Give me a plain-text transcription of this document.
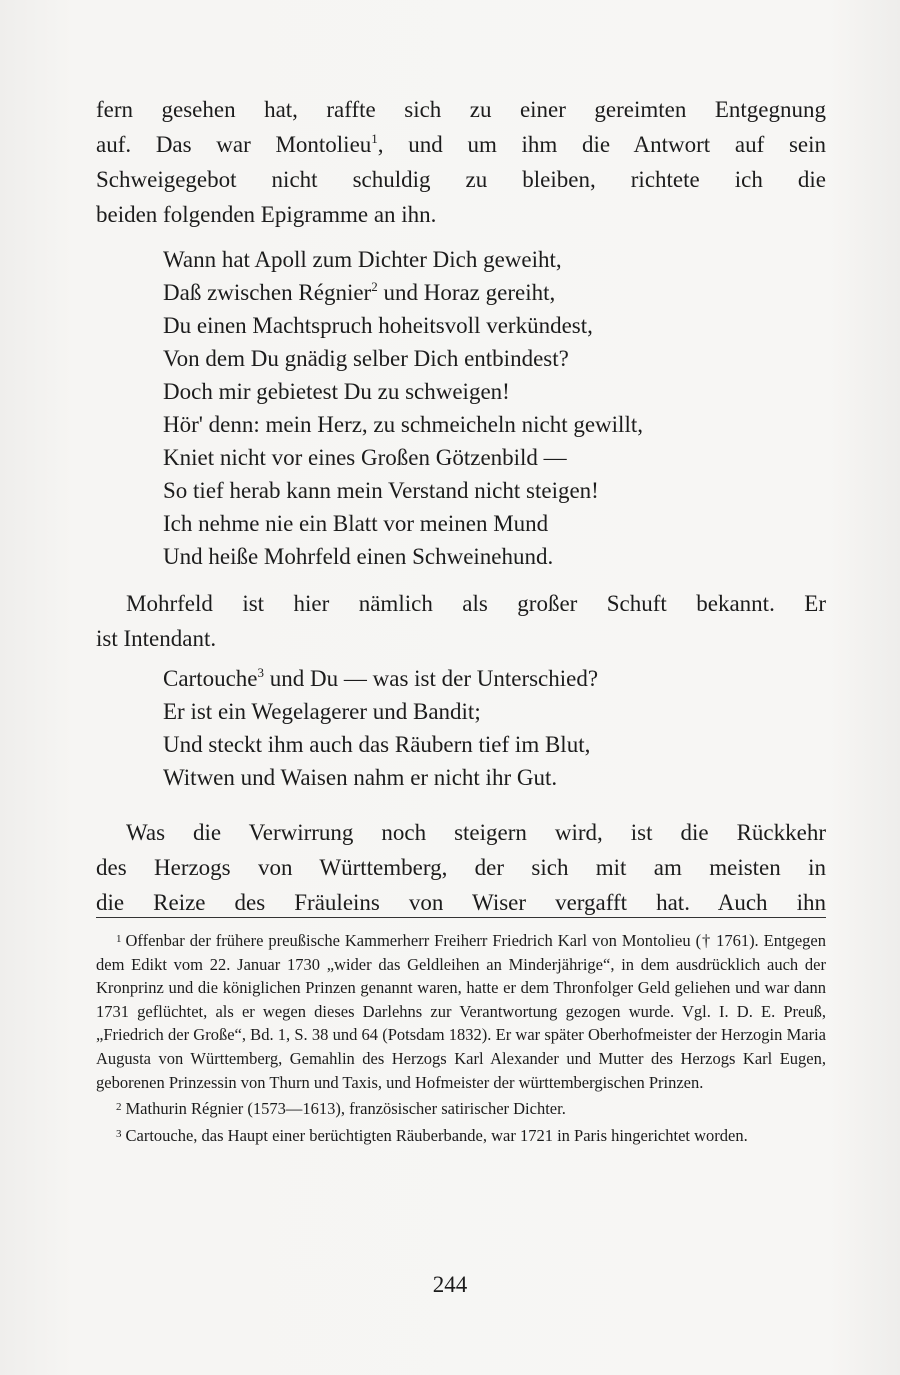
fern gesehen hat, raffte sich zu einer gereimten Entgegnung
auf. Das war Montolieu$^1$, und um ihm die Antwort auf sein
Schweigegebot nicht schuldig zu bleiben, richtete ich die
beiden folgenden Epigramme an ihn.
Wann hat Apoll zum Dichter Dich geweiht,
Daß zwischen Régnier$^2$ und Horaz gereiht,
Du einen Machtspruch hoheitsvoll verkündest,
Von dem Du gnädig selber Dich entbindest?
Doch mir gebietest Du zu schweigen!
Hör' denn: mein Herz, zu schmeicheln nicht gewillt,
Kniet nicht vor eines Großen Götzenbild —
So tief herab kann mein Verstand nicht steigen!
Ich nehme nie ein Blatt vor meinen Mund
Und heiße Mohrfeld einen Schweinehund.
Mohrfeld ist hier nämlich als großer Schuft bekannt. Er
ist Intendant.
Cartouche$^3$ und Du — was ist der Unterschied?
Er ist ein Wegelagerer und Bandit;
Und steckt ihm auch das Räubern tief im Blut,
Witwen und Waisen nahm er nicht ihr Gut.
Was die Verwirrung noch steigern wird, ist die Rückkehr
des Herzogs von Württemberg, der sich mit am meisten in
die Reize des Fräuleins von Wiser vergafft hat. Auch ihn

$^1$ Offenbar der frühere preußische Kammerherr Freiherr Friedrich Karl von Montolieu († 1761). Entgegen dem Edikt vom 22. Januar 1730 „wider das Geldleihen an Minderjährige“, in dem ausdrücklich auch der Kronprinz und die königlichen Prinzen genannt waren, hatte er dem Thronfolger Geld geliehen und war dann 1731 geflüchtet, als er wegen dieses Darlehns zur Verantwortung gezogen wurde. Vgl. I. D. E. Preuß, „Friedrich der Große“, Bd. 1, S. 38 und 64 (Potsdam 1832). Er war später Oberhofmeister der Herzogin Maria Augusta von Württemberg, Gemahlin des Herzogs Karl Alexander und Mutter des Herzogs Karl Eugen, geborenen Prinzessin von Thurn und Taxis, und Hofmeister der württembergischen Prinzen.

$^2$ Mathurin Régnier (1573—1613), französischer satirischer Dichter.

$^3$ Cartouche, das Haupt einer berüchtigten Räuberbande, war 1721 in Paris hingerichtet worden.

244
